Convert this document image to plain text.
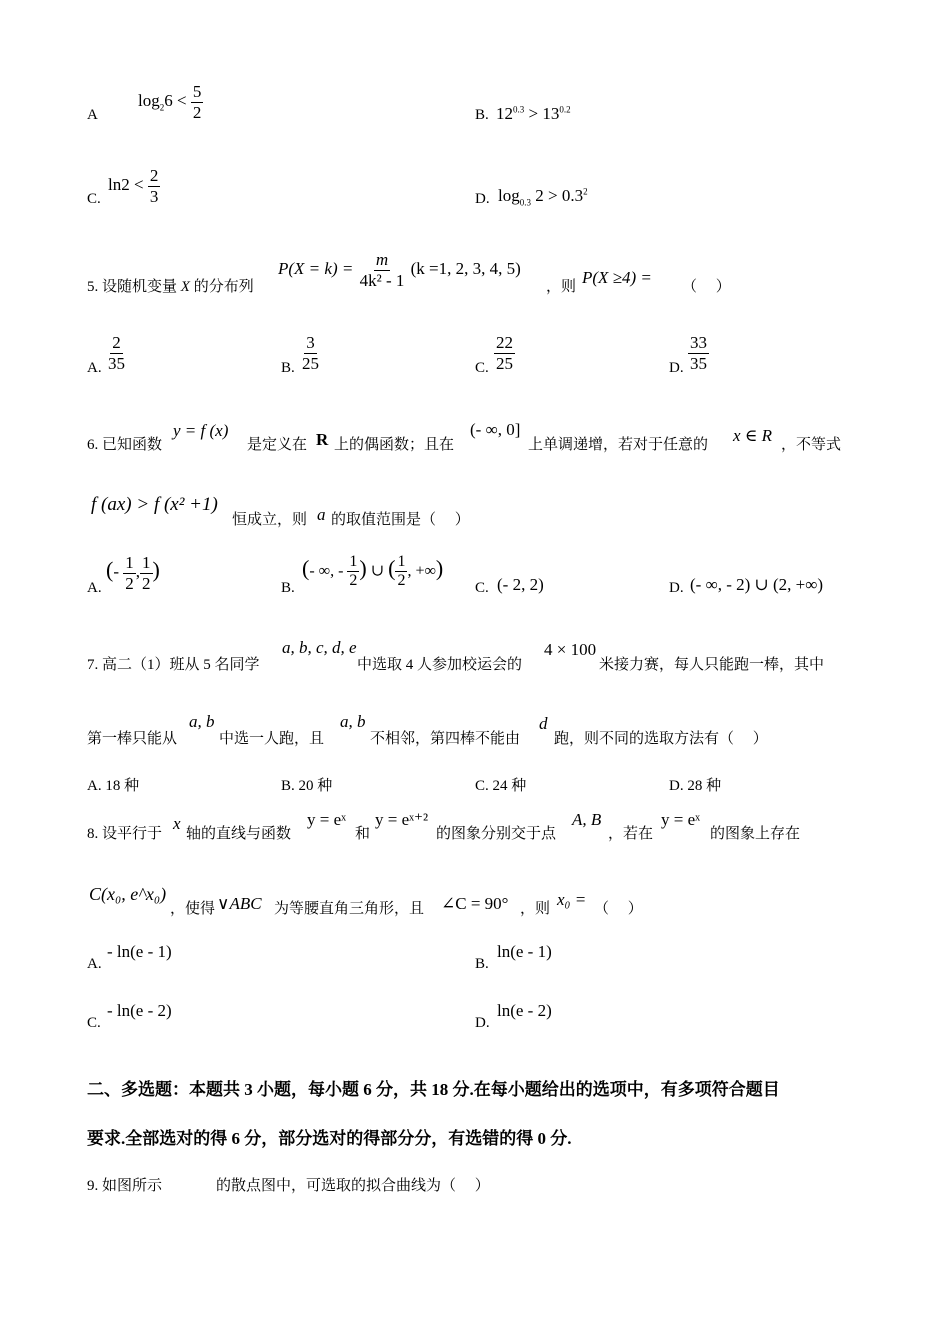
A
$\log_26 < \frac{5}{2}$	B. $12^{0.3} > 13^{0.2}$
C.
$\ln 2 < \frac{2}{3}$	D. $\log_{0.3} 2 > 0.3^2$
5. 设随机变量 X 的分布列
$P(X = k) = \frac{m}{\text{4k² - 1}} (k =1$, 2, 3, 4, 5)
，则 P(X ≥4) = （　 ）
A. $\frac{2}{35}$	B. $\frac{3}{25}$	C. $\frac{22}{25}$	D. $\frac{33}{35}$
6. 已知函数
y = f (x)
是定义在 R 上的偶函数；且在
(- ∞, 0]
上单调递增，若对于任意的 x ∈ R ，不等式
f (ax) > f (x² +1)
恒成立，则 a 的取值范围是（　 ）
A.
(- $\frac{1}{2}$ , $\frac{1}{2}$ )
B.
(- ∞, - $\frac{1}{2}$ ) ∪ ( $\frac{1}{2}$ , +∞)
C. (- 2, 2)	D. (- ∞, - 2) ∪ (2, +∞)
7. 高二（1）班从 5 名同学
a, b, c, d, e
中选取 4 人参加校运会的
4 × 100
米接力赛，每人只能跑一棒，其中
第一棒只能从
a, b
中选一人跑，且
a, b
不相邻，第四棒不能由
d
跑，则不同的选取方法有（　 ）
A. 18 种	B. 20 种	C. 24 种	D. 28 种
8. 设平行于
x
轴的直线与函数
y = eˣ
和
y = eˣ⁺²
的图象分别交于点
A, B
，若在
y = eˣ
的图象上存在
C(x₀, e^x₀)
，使得 ∨ABC 为等腰直角三角形，且 ∠C = 90° ，则 x₀ = （　 ）
A.
- ln(e - 1)
B.
ln(e - 1)
C.
- ln(e - 2)
D.
ln(e - 2)
二、多选题：本题共 3 小题，每小题 6 分，共 18 分.在每小题给出的选项中，有多项符合题目
要求.全部选对的得 6 分，部分选对的得部分分，有选错的得 0 分.
9. 如图所示	的散点图中，可选取的拟合曲线为（　 ）
